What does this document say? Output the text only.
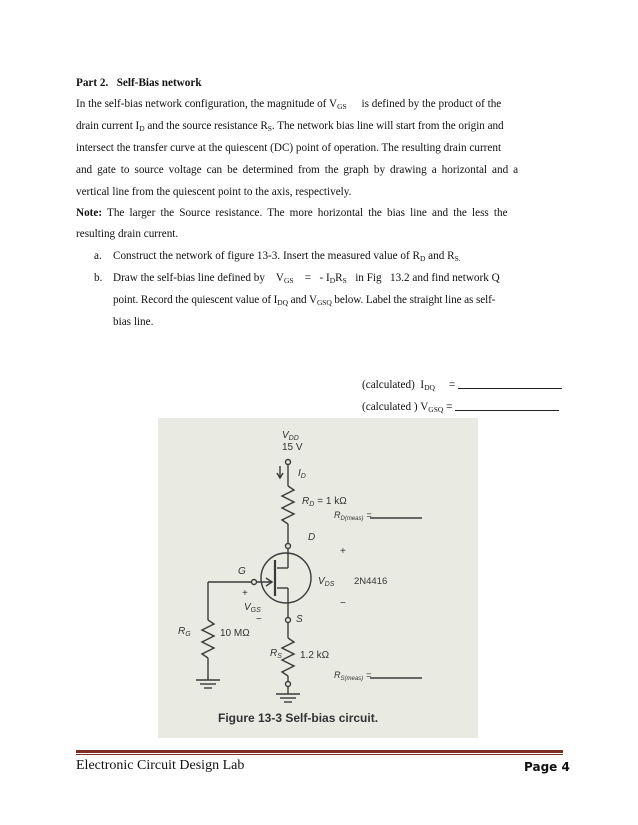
Part 2. Self-Bias network
In the self-bias network configuration, the magnitude of $V_{GS}$ is defined by the product of the
drain current $I_D$ and the source resistance $R_S$. The network bias line will start from the origin and
intersect the transfer curve at the quiescent (DC) point of operation. The resulting drain current
and gate to source voltage can be determined from the graph by drawing a horizontal and a
vertical line from the quiescent point to the axis, respectively.
Note: The larger the Source resistance. The more horizontal the bias line and the less the
resulting drain current.
a. Construct the network of figure 13-3. Insert the measured value of $R_D$ and $R_{S.}$
b. Draw the self-bias line defined by $V_{GS}$ = - $I_DR_S$ in Fig 13.2 and find network Q
point. Record the quiescent value of $I_{DQ}$ and $V_{GSQ}$ below. Label the straight line as self-
bias line.
(calculated) $I_{DQ}$ =
(calculated ) $V_{GSQ}$ =
$V_{DD}$
15 V
$I_D$
$R_D = 1$ kΩ
$R_{D(meas)}$ =
D
+
$V_{DS}$ 2N4416
−
G
+
$V_{GS}$
−	S
$R_G$	10 MΩ
$R_S$ 1.2 kΩ
$R_{S(meas)}$ =
Figure 13-3 Self-bias circuit.
Electronic Circuit Design Lab	Page 4
